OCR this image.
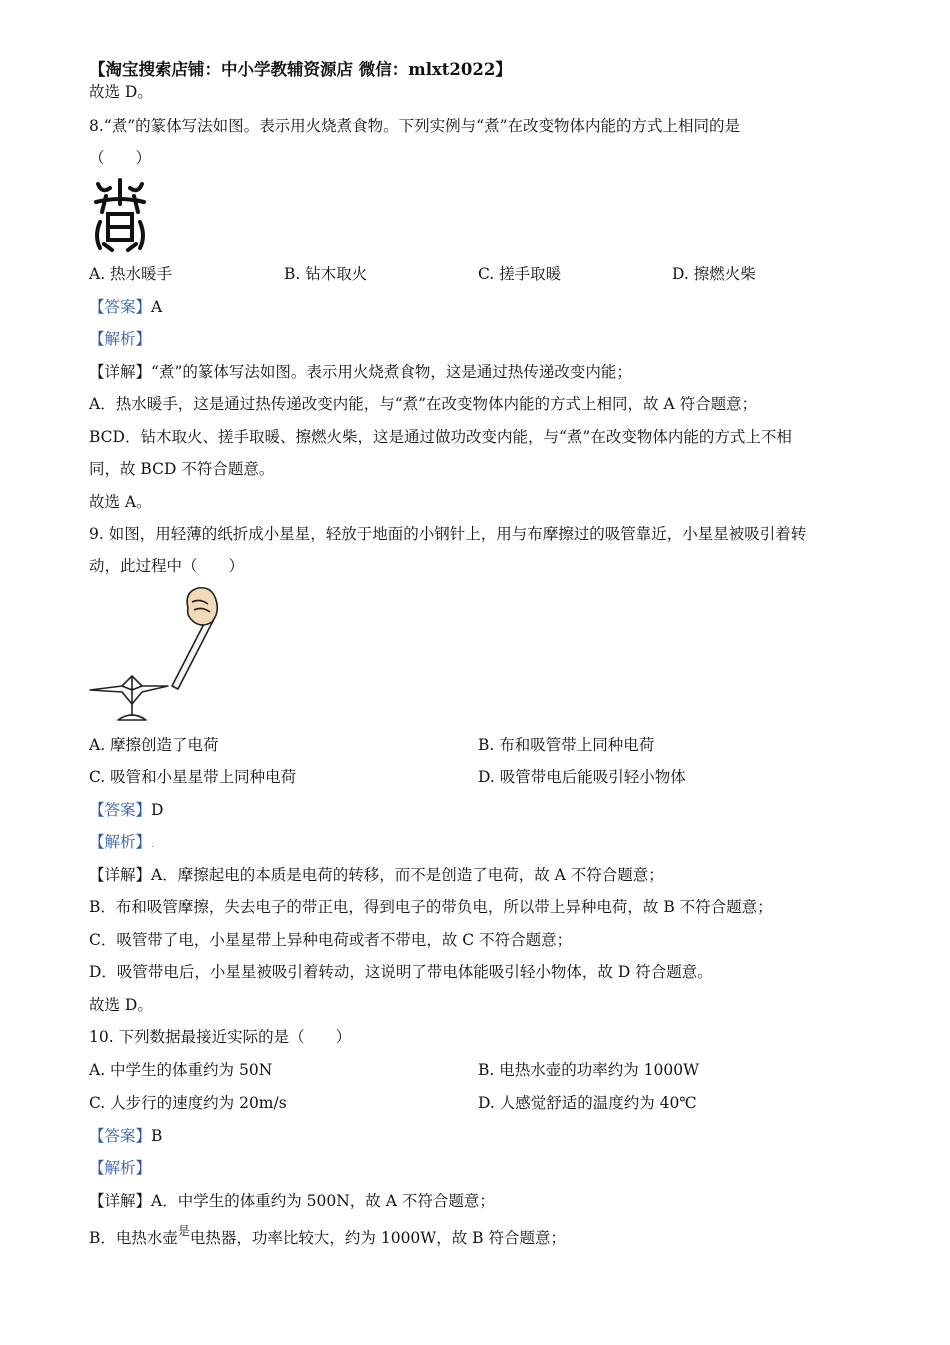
【淘宝搜索店铺：中小学教辅资源店 微信：mlxt2022】
故选 D。
8.“煮”的篆体写法如图。表示用火烧煮食物。下列实例与“煮”在改变物体内能的方式上相同的是
（　　）
A. 热水暖手	B. 钻木取火	C. 搓手取暖	D. 擦燃火柴
【答案】A
【解析】
【详解】“煮”的篆体写法如图。表示用火烧煮食物，这是通过热传递改变内能；
A．热水暖手，这是通过热传递改变内能，与“煮”在改变物体内能的方式上相同，故 A 符合题意；
BCD．钻木取火、搓手取暖、擦燃火柴，这是通过做功改变内能，与“煮”在改变物体内能的方式上不相
同，故 BCD 不符合题意。
故选 A。
9. 如图，用轻薄的纸折成小星星，轻放于地面的小钢针上，用与布摩擦过的吸管靠近，小星星被吸引着转
动，此过程中（　　）
A. 摩擦创造了电荷	B. 布和吸管带上同种电荷
C. 吸管和小星星带上同种电荷	D. 吸管带电后能吸引轻小物体
【答案】D
【解析】.
【详解】A．摩擦起电的本质是电荷的转移，而不是创造了电荷，故 A 不符合题意；
B．布和吸管摩擦，失去电子的带正电，得到电子的带负电，所以带上异种电荷，故 B 不符合题意；
C．吸管带了电，小星星带上异种电荷或者不带电，故 C 不符合题意；
D．吸管带电后，小星星被吸引着转动，这说明了带电体能吸引轻小物体，故 D 符合题意。
故选 D。
10. 下列数据最接近实际的是（　　）
A. 中学生的体重约为 50N	B. 电热水壶的功率约为 1000W
C. 人步行的速度约为 20m/s	D. 人感觉舒适的温度约为 40℃
【答案】B
【解析】
【详解】A．中学生的体重约为 500N，故 A 不符合题意；
B．电热水壶$^是$电热器，功率比较大，约为 1000W，故 B 符合题意；
